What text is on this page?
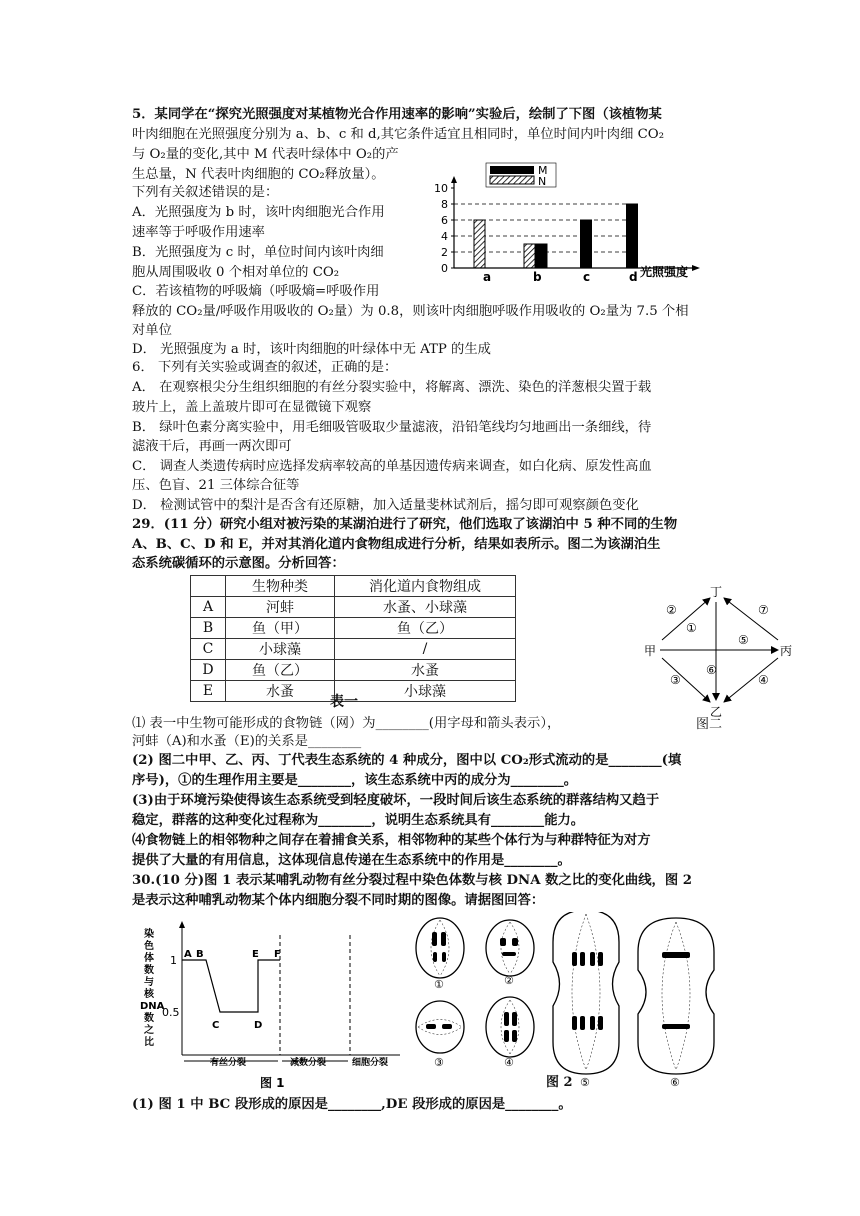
5．某同学在“探究光照强度对某植物光合作用速率的影响”实验后，绘制了下图（该植物某
叶肉细胞在光照强度分别为 a、b、c 和 d,其它条件适宜且相同时，单位时间内叶肉细 CO₂
与 O₂量的变化,其中 M 代表叶绿体中 O₂的产
生总量，N 代表叶肉细胞的 CO₂释放量）。
下列有关叙述错误的是：
A．光照强度为 b 时，该叶肉细胞光合作用
速率等于呼吸作用速率
B．光照强度为 c 时，单位时间内该叶肉细
胞从周围吸收 0 个相对单位的 CO₂
C．若该植物的呼吸熵（呼吸熵=呼吸作用
释放的 CO₂量/呼吸作用吸收的 O₂量）为 0.8，则该叶肉细胞呼吸作用吸收的 O₂量为 7.5 个相
对单位
D． 光照强度为 a 时，该叶肉细胞的叶绿体中无 ATP 的生成
M
N
0
2
4
6
8
10
a	b	c	d 光照强度
6． 下列有关实验或调查的叙述，正确的是：
A． 在观察根尖分生组织细胞的有丝分裂实验中，将解离、漂洗、染色的洋葱根尖置于载
玻片上，盖上盖玻片即可在显微镜下观察
B． 绿叶色素分离实验中，用毛细吸管吸取少量滤液，沿铅笔线均匀地画出一条细线，待
滤液干后，再画一两次即可
C． 调查人类遗传病时应选择发病率较高的单基因遗传病来调查，如白化病、原发性高血
压、色盲、21 三体综合征等
D． 检测试管中的梨汁是否含有还原糖，加入适量斐林试剂后，摇匀即可观察颜色变化
29．(11 分）研究小组对被污染的某湖泊进行了研究，他们选取了该湖泊中 5 种不同的生物
A、B、C、D 和 E，并对其消化道内食物组成进行分析，结果如表所示。图二为该湖泊生
态系统碳循环的示意图。分析回答：
	生物种类	消化道内食物组成
A	河蚌	水蚤、小球藻
B	鱼（甲）	鱼（乙）
C	小球藻	/
D	鱼（乙）	水蚤
E	水蚤	小球藻
表一
丁
甲	丙
乙
②	⑦
①
⑤
⑥
③	④
图二
⑴ 表一中生物可能形成的食物链（网）为________(用字母和箭头表示），
河蚌（A)和水蚤（E)的关系是________
(2) 图二中甲、乙、丙、丁代表生态系统的 4 种成分，图中以 CO₂形式流动的是________(填
序号)，①的生理作用主要是________，该生态系统中丙的成分为________。
(3)由于环境污染使得该生态系统受到轻度破坏，一段时间后该生态系统的群落结构又趋于
稳定，群落的这种变化过程称为________，说明生态系统具有________能力。
⑷食物链上的相邻物种之间存在着捕食关系，相邻物种的某些个体行为与种群特征为对方
提供了大量的有用信息，这体现信息传递在生态系统中的作用是________。
30.(10 分)图 1 表示某哺乳动物有丝分裂过程中染色体数与核 DNA 数之比的变化曲线，图 2
是表示这种哺乳动物某个体内细胞分裂不同时期的图像。请据图回答：
染
色
体
数
与
核
DNA
数
之
比
染色体数与核DNA数之比
1
0.5
A B
C	D
E F
有丝分裂	减数分裂	细胞分裂
图 1
①	②
③	④
⑤	⑥
图 2
(1) 图 1 中 BC 段形成的原因是________,DE 段形成的原因是________。
